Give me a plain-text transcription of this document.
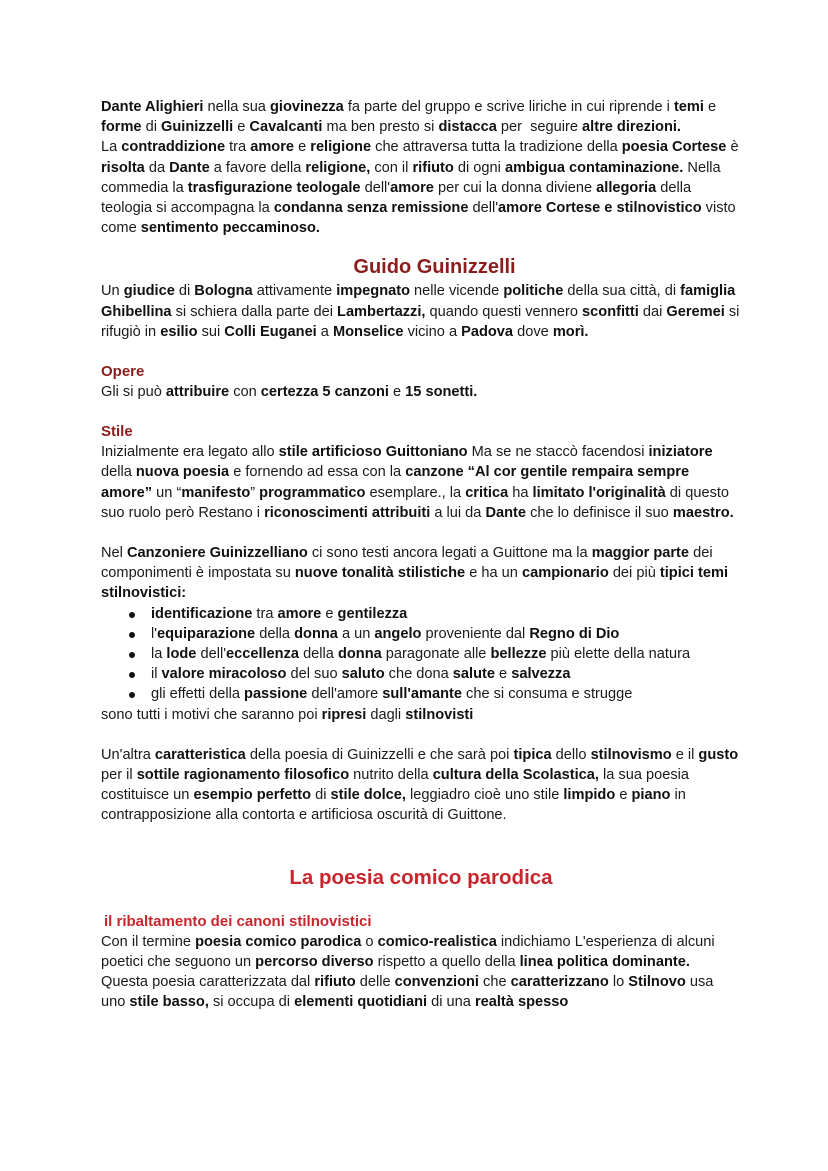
Dante Alighieri nella sua giovinezza fa parte del gruppo e scrive liriche in cui riprende i temi e forme di Guinizzelli e Cavalcanti ma ben presto si distacca per  seguire altre direzioni.

La contraddizione tra amore e religione che attraversa tutta la tradizione della poesia Cortese è risolta da Dante a favore della religione, con il rifiuto di ogni ambigua contaminazione. Nella commedia la trasfigurazione teologale dell'amore per cui la donna diviene allegoria della teologia si accompagna la condanna senza remissione dell'amore Cortese e stilnovistico visto come sentimento peccaminoso.

Guido Guinizzelli

Un giudice di Bologna attivamente impegnato nelle vicende politiche della sua città, di famiglia Ghibellina si schiera dalla parte dei Lambertazzi, quando questi vennero sconfitti dai Geremei si rifugiò in esilio sui Colli Euganei a Monselice vicino a Padova dove morì.

Opere

Gli si può attribuire con certezza 5 canzoni e 15 sonetti.

Stile

Inizialmente era legato allo stile artificioso Guittoniano Ma se ne staccò facendosi iniziatore della nuova poesia e fornendo ad essa con la canzone “Al cor gentile rempaira sempre amore” un “manifesto” programmatico esemplare., la critica ha limitato l'originalità di questo suo ruolo però Restano i riconoscimenti attribuiti a lui da Dante che lo definisce il suo maestro.

Nel Canzoniere Guinizzelliano ci sono testi ancora legati a Guittone ma la maggior parte dei componimenti è impostata su nuove tonalità stilistiche e ha un campionario dei più tipici temi stilnovistici:

identificazione tra amore e gentilezza
l'equiparazione della donna a un angelo proveniente dal Regno di Dio
la lode dell'eccellenza della donna paragonate alle bellezze più elette della natura
il valore miracoloso del suo saluto che dona salute e salvezza
gli effetti della passione dell'amore sull'amante che si consuma e strugge

sono tutti i motivi che saranno poi ripresi dagli stilnovisti

Un'altra caratteristica della poesia di Guinizzelli e che sarà poi tipica dello stilnovismo e il gusto per il sottile ragionamento filosofico nutrito della cultura della Scolastica, la sua poesia costituisce un esempio perfetto di stile dolce, leggiadro cioè uno stile limpido e piano in contrapposizione alla contorta e artificiosa oscurità di Guittone.

La poesia comico parodica
il ribaltamento dei canoni stilnovistici

Con il termine poesia comico parodica o comico-realistica indichiamo L'esperienza di alcuni poetici che seguono un percorso diverso rispetto a quello della linea politica dominante. Questa poesia caratterizzata dal rifiuto delle convenzioni che caratterizzano lo Stilnovo usa uno stile basso, si occupa di elementi quotidiani di una realtà spesso
